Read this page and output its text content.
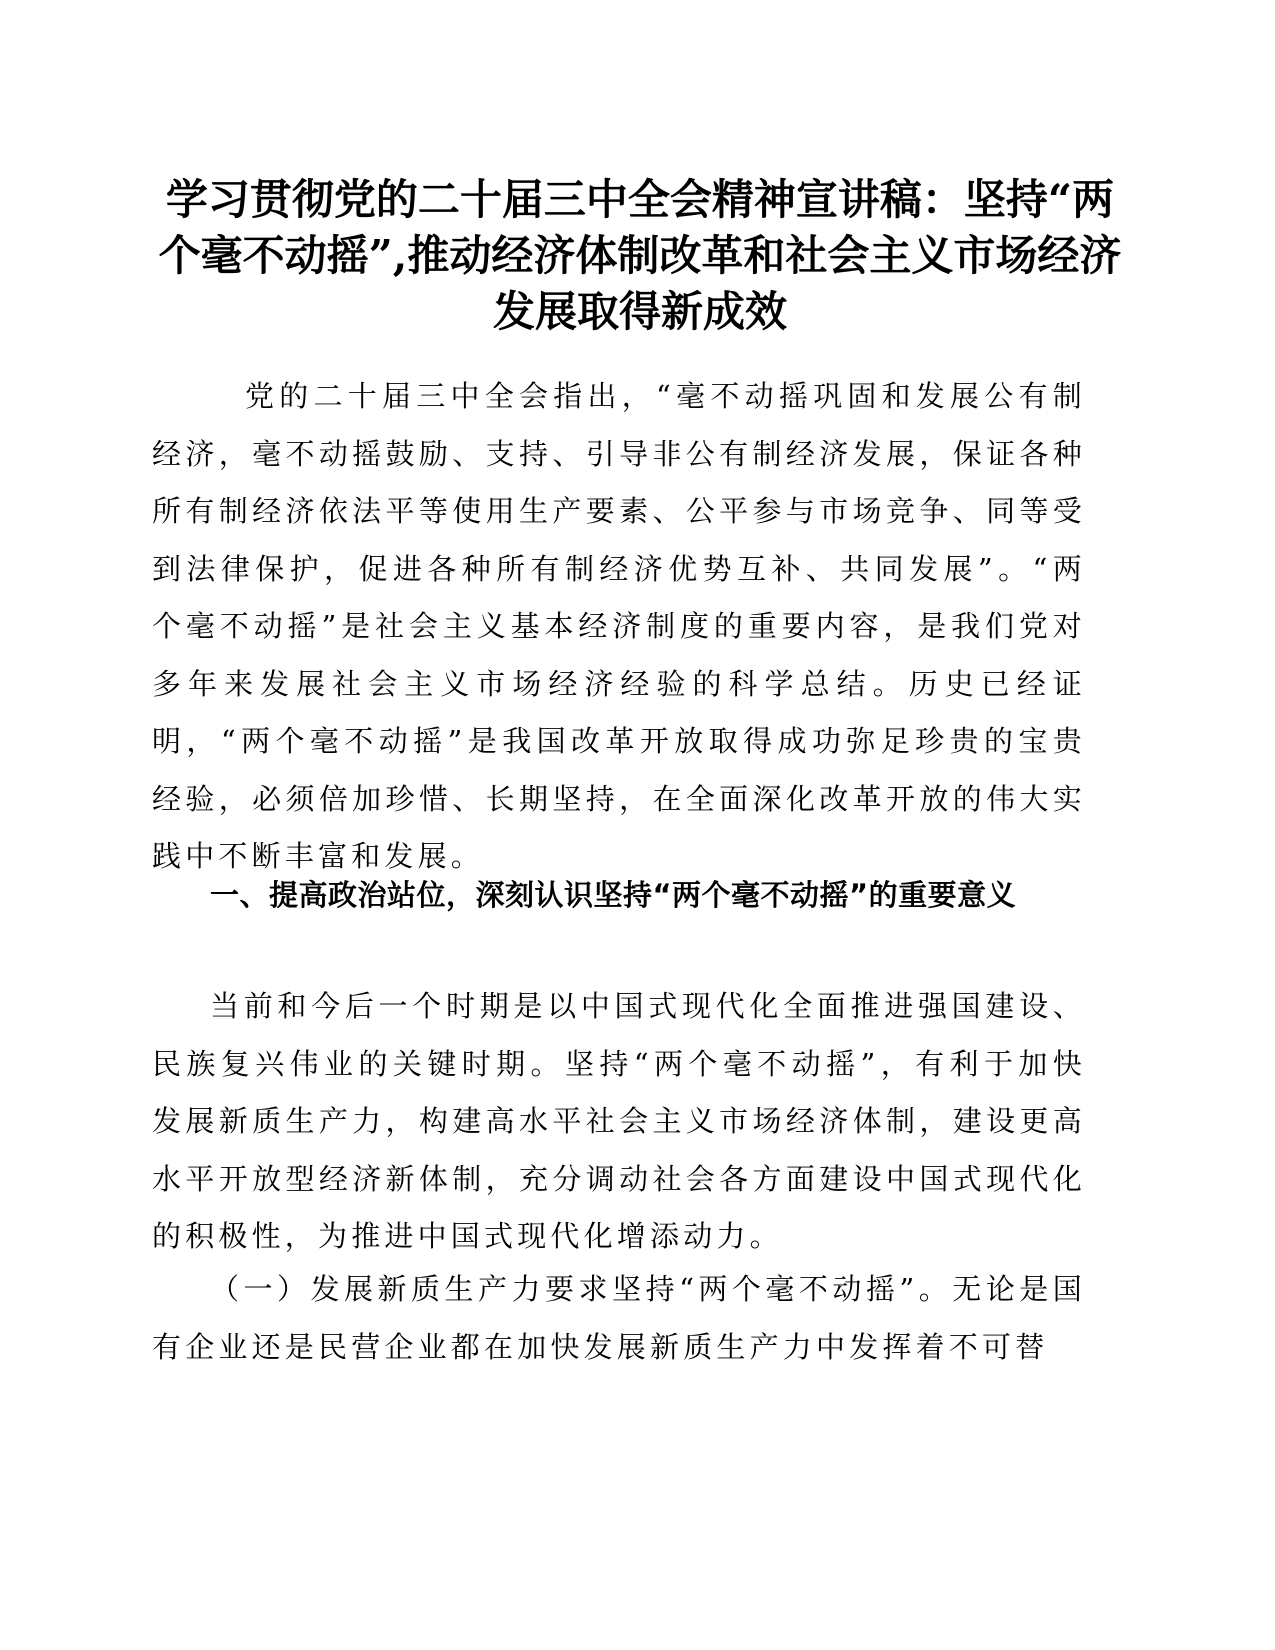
学习贯彻党的二十届三中全会精神宣讲稿：坚持“两个毫不动摇”,推动经济体制改革和社会主义市场经济发展取得新成效

党的二十届三中全会指出，“毫不动摇巩固和发展公有制经济，毫不动摇鼓励、支持、引导非公有制经济发展，保证各种所有制经济依法平等使用生产要素、公平参与市场竞争、同等受到法律保护，促进各种所有制经济优势互补、共同发展”。“两个毫不动摇”是社会主义基本经济制度的重要内容，是我们党对多年来发展社会主义市场经济经验的科学总结。历史已经证明，“两个毫不动摇”是我国改革开放取得成功弥足珍贵的宝贵经验，必须倍加珍惜、长期坚持，在全面深化改革开放的伟大实践中不断丰富和发展。

一、提高政治站位，深刻认识坚持“两个毫不动摇”的重要意义

当前和今后一个时期是以中国式现代化全面推进强国建设、民族复兴伟业的关键时期。坚持“两个毫不动摇”，有利于加快发展新质生产力，构建高水平社会主义市场经济体制，建设更高水平开放型经济新体制，充分调动社会各方面建设中国式现代化的积极性，为推进中国式现代化增添动力。

（一）发展新质生产力要求坚持“两个毫不动摇”。无论是国有企业还是民营企业都在加快发展新质生产力中发挥着不可替
